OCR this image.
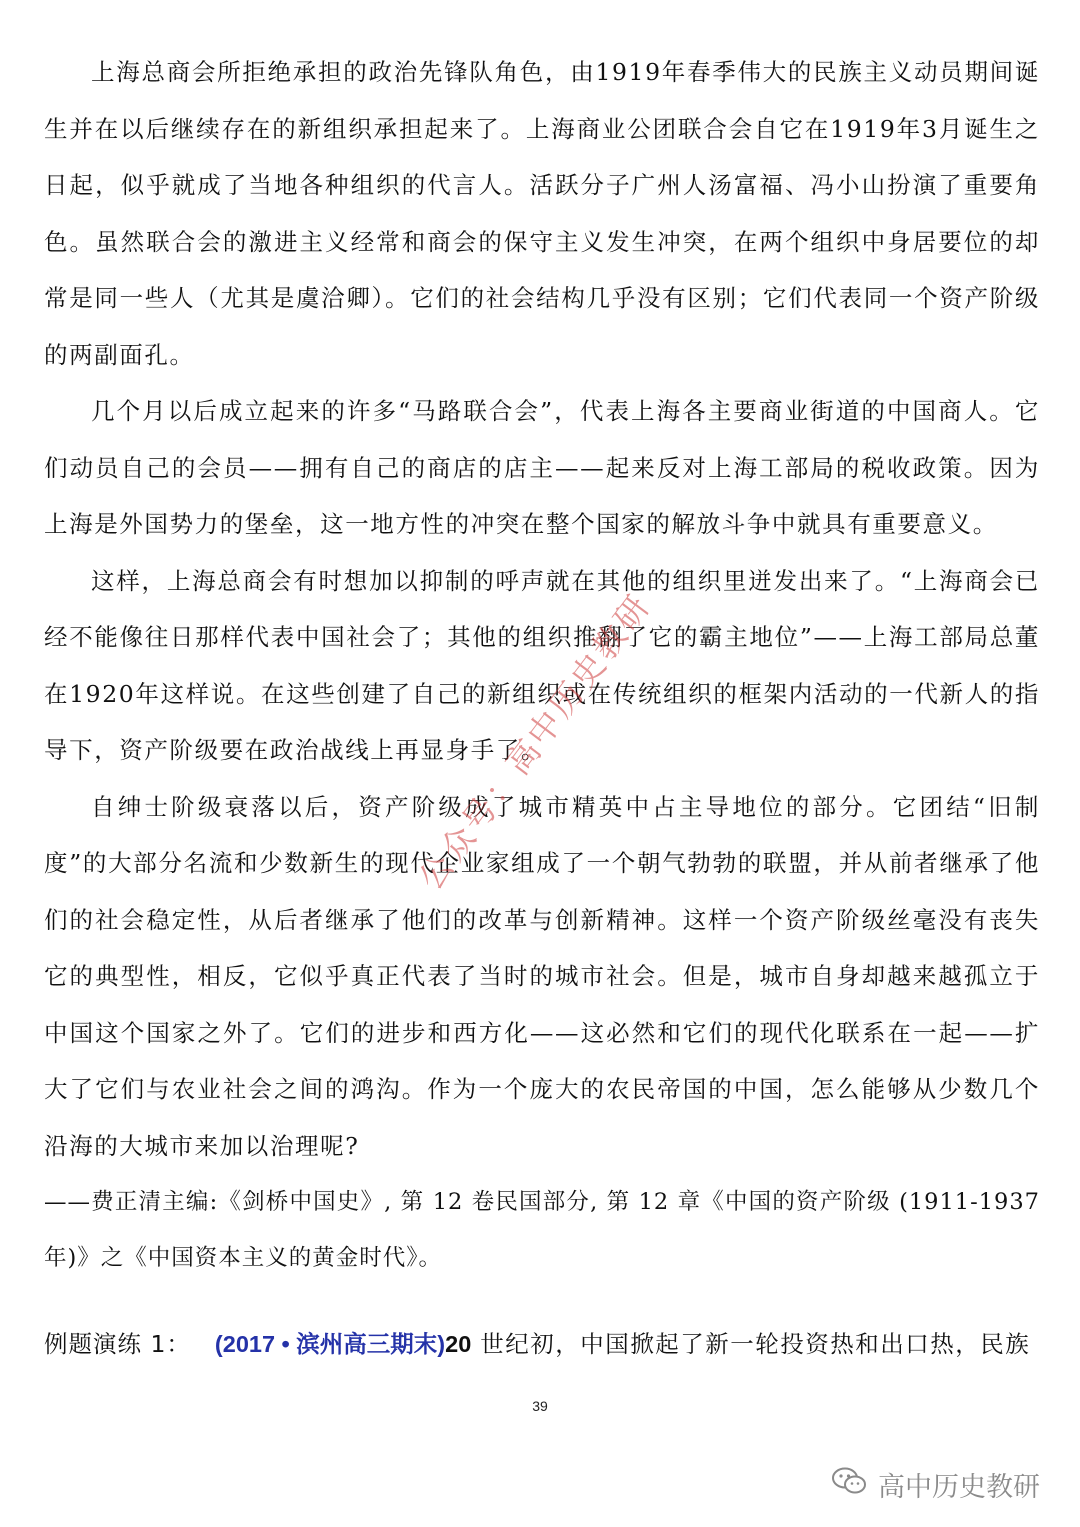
上海总商会所拒绝承担的政治先锋队角色，由1919年春季伟大的民族主义动员期间诞生并在以后继续存在的新组织承担起来了。上海商业公团联合会自它在1919年3月诞生之日起，似乎就成了当地各种组织的代言人。活跃分子广州人汤富福、冯小山扮演了重要角色。虽然联合会的激进主义经常和商会的保守主义发生冲突，在两个组织中身居要位的却常是同一些人（尤其是虞洽卿）。它们的社会结构几乎没有区别；它们代表同一个资产阶级的两副面孔。

几个月以后成立起来的许多“马路联合会”，代表上海各主要商业街道的中国商人。它们动员自己的会员——拥有自己的商店的店主——起来反对上海工部局的税收政策。因为上海是外国势力的堡垒，这一地方性的冲突在整个国家的解放斗争中就具有重要意义。

这样，上海总商会有时想加以抑制的呼声就在其他的组织里迸发出来了。“上海商会已经不能像往日那样代表中国社会了；其他的组织推翻了它的霸主地位”——上海工部局总董在1920年这样说。在这些创建了自己的新组织或在传统组织的框架内活动的一代新人的指导下，资产阶级要在政治战线上再显身手了。

自绅士阶级衰落以后，资产阶级成了城市精英中占主导地位的部分。它团结“旧制度”的大部分名流和少数新生的现代企业家组成了一个朝气勃勃的联盟，并从前者继承了他们的社会稳定性，从后者继承了他们的改革与创新精神。这样一个资产阶级丝毫没有丧失它的典型性，相反，它似乎真正代表了当时的城市社会。但是，城市自身却越来越孤立于中国这个国家之外了。它们的进步和西方化——这必然和它们的现代化联系在一起——扩大了它们与农业社会之间的鸿沟。作为一个庞大的农民帝国的中国，怎么能够从少数几个沿海的大城市来加以治理呢?

——费正清主编:《剑桥中国史》, 第 12 卷民国部分, 第 12 章《中国的资产阶级 (1911-1937年)》之《中国资本主义的黄金时代》。

例题演练 1： (2017 • 滨州高三期末)20 世纪初，中国掀起了新一轮投资热和出口热，民族
39
公众号：高中历史教研
高中历史教研
